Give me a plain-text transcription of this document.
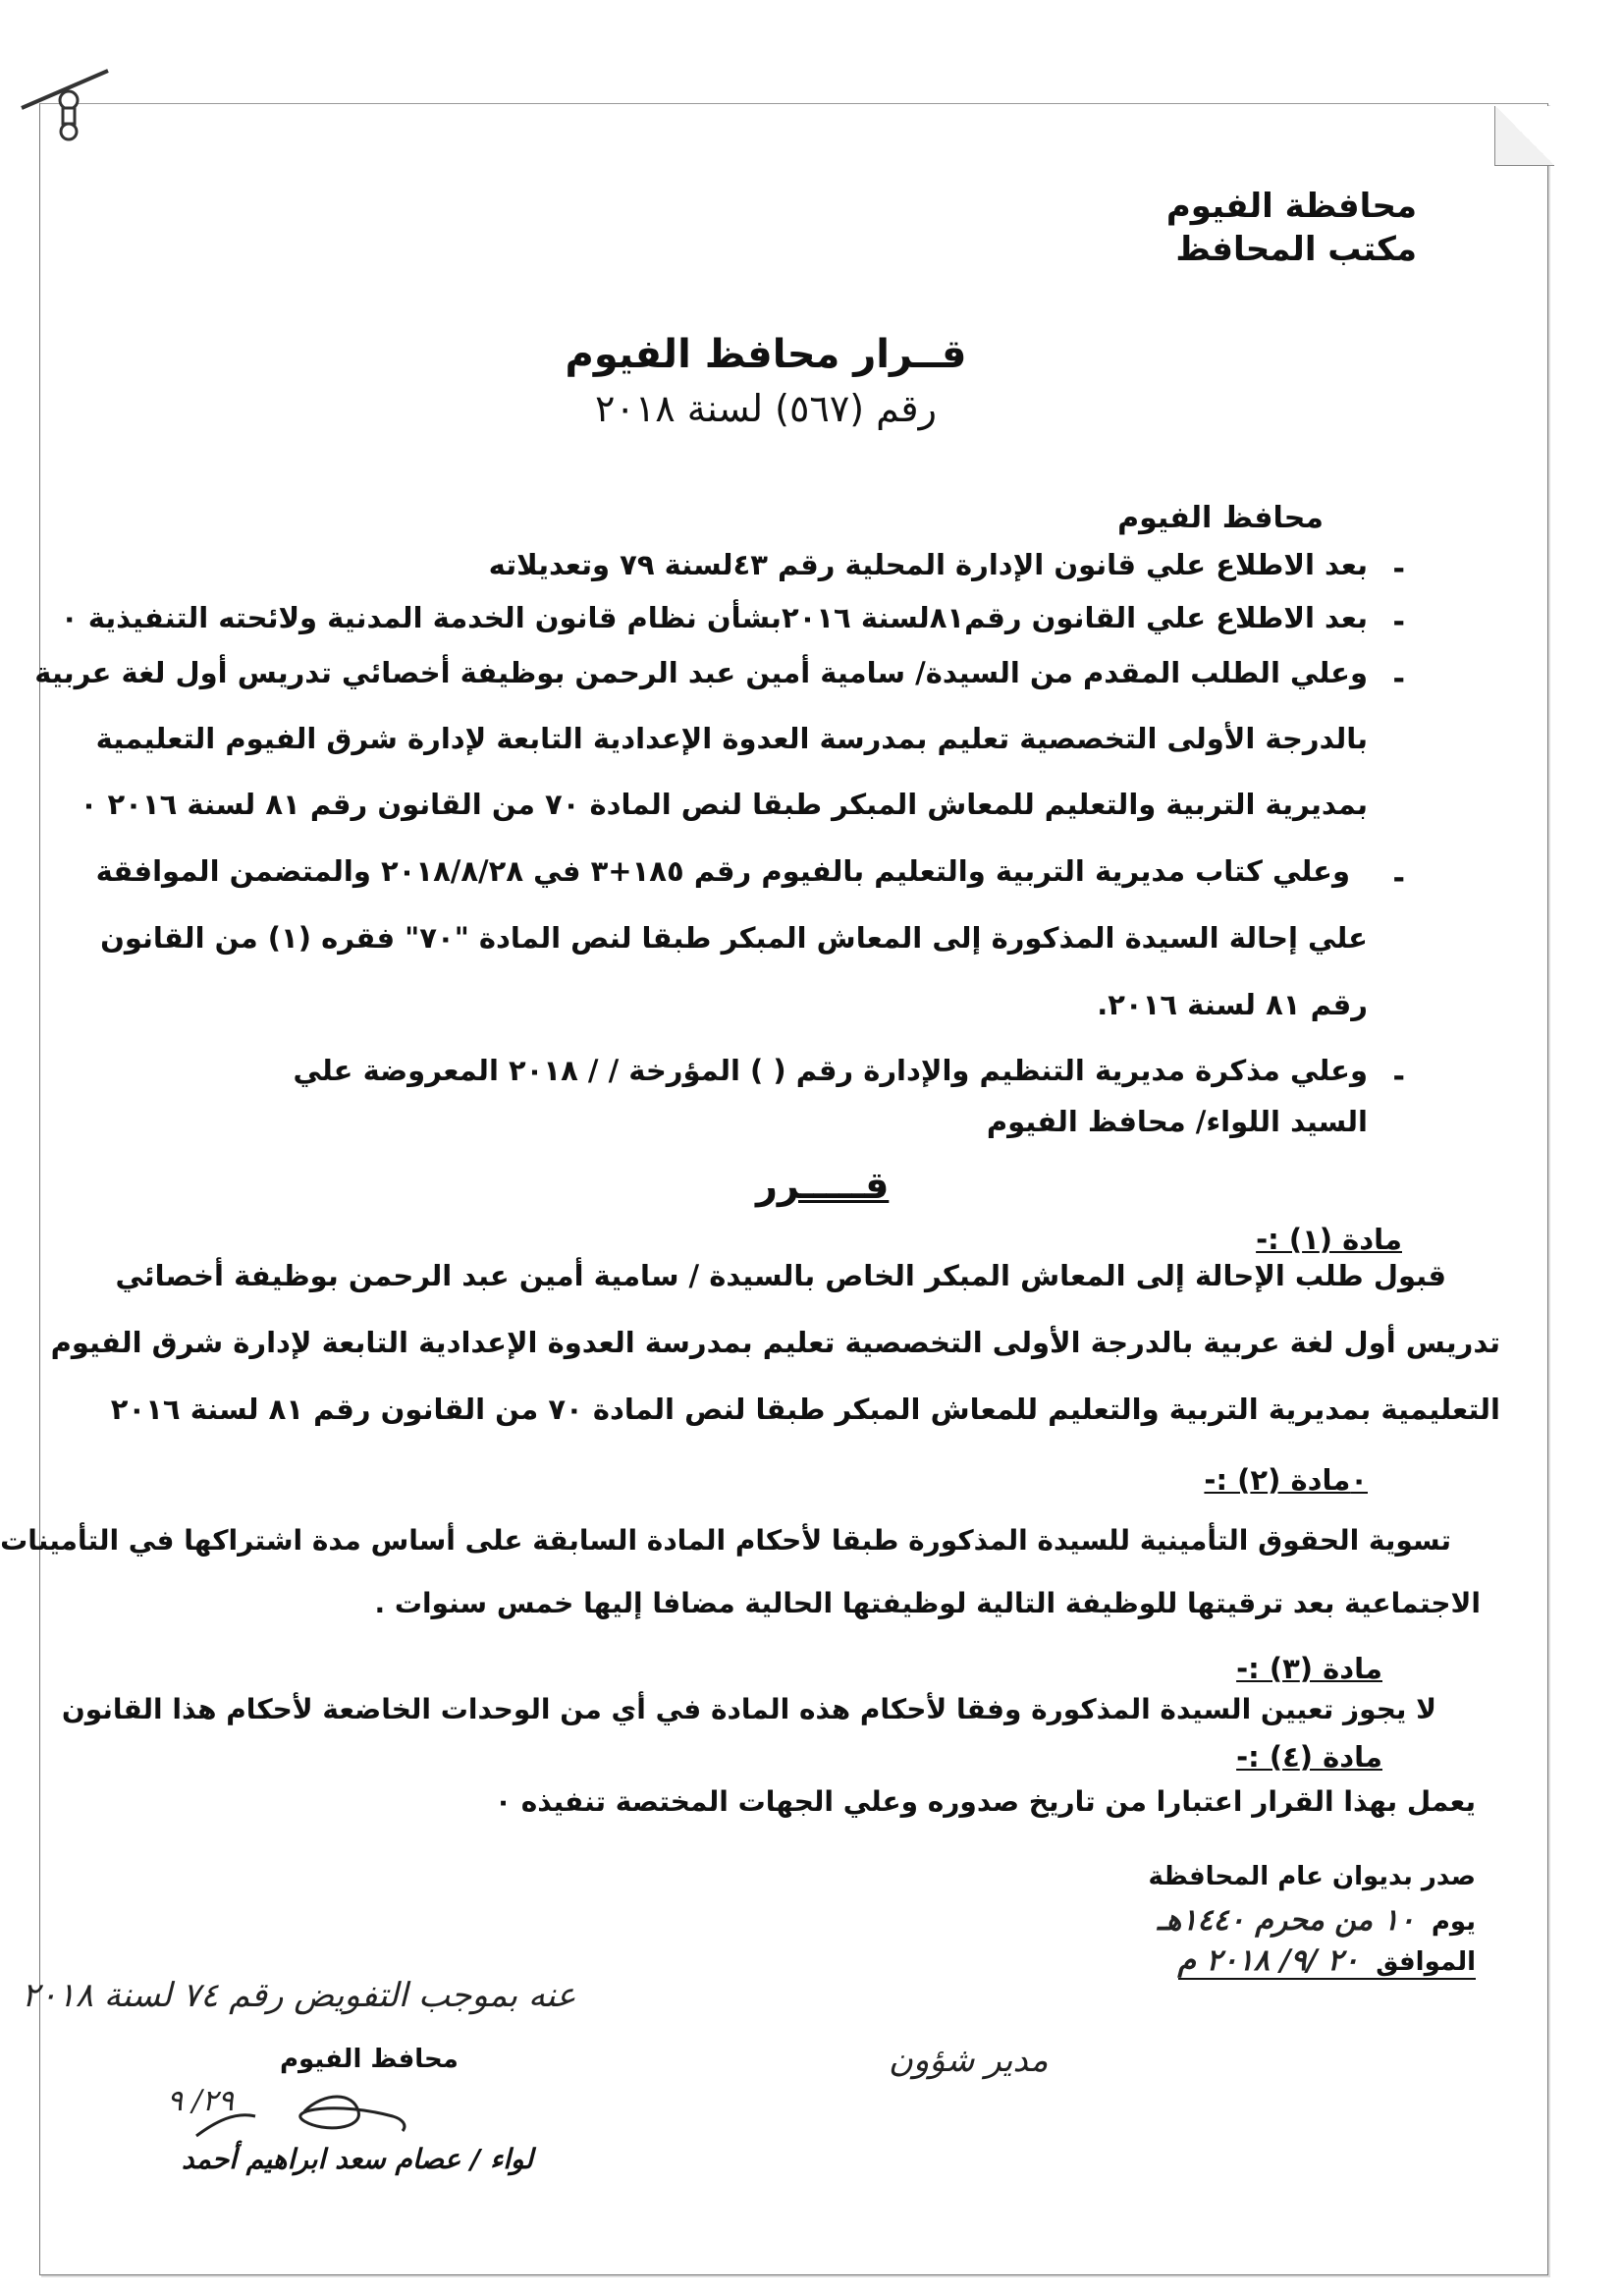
محافظة الفيوم
مكتب المحافظ
قــرار محافظ الفيوم
رقم (٥٦٧) لسنة ٢٠١٨
محافظ الفيوم
-
بعد الاطلاع علي قانون الإدارة المحلية رقم ٤٣لسنة ٧٩ وتعديلاته
-
بعد الاطلاع علي القانون رقم٨١لسنة ٢٠١٦بشأن نظام قانون الخدمة المدنية ولائحته التنفيذية ٠
-
وعلي الطلب المقدم من السيدة/ سامية أمين عبد الرحمن بوظيفة أخصائي تدريس أول لغة عربية
بالدرجة الأولى التخصصية تعليم بمدرسة العدوة الإعدادية التابعة لإدارة شرق الفيوم التعليمية
بمديرية التربية والتعليم للمعاش المبكر طبقا لنص المادة ٧٠ من القانون رقم ٨١ لسنة ٢٠١٦ ٠
-
وعلي كتاب مديرية التربية والتعليم بالفيوم رقم ١٨٥+٣ في ٢٠١٨/٨/٢٨ والمتضمن الموافقة
علي إحالة السيدة المذكورة إلى المعاش المبكر طبقا لنص المادة "٧٠" فقره (١) من القانون
رقم ٨١ لسنة ٢٠١٦.
-
وعلي مذكرة مديرية التنظيم والإدارة رقم ( ) المؤرخة / / ٢٠١٨ المعروضة علي
السيد اللواء/ محافظ الفيوم
قـــــرر
مادة (١) :-
قبول طلب الإحالة إلى المعاش المبكر الخاص بالسيدة / سامية أمين عبد الرحمن بوظيفة أخصائي
تدريس أول لغة عربية بالدرجة الأولى التخصصية تعليم بمدرسة العدوة الإعدادية التابعة لإدارة شرق الفيوم
التعليمية بمديرية التربية والتعليم للمعاش المبكر طبقا لنص المادة ٧٠ من القانون رقم ٨١ لسنة ٢٠١٦
٠مادة (٢) :-
تسوية الحقوق التأمينية للسيدة المذكورة طبقا لأحكام المادة السابقة على أساس مدة اشتراكها في التأمينات
الاجتماعية بعد ترقيتها للوظيفة التالية لوظيفتها الحالية مضافا إليها خمس سنوات .
مادة (٣) :-
لا يجوز تعيين السيدة المذكورة وفقا لأحكام هذه المادة في أي من الوحدات الخاضعة لأحكام هذا القانون
مادة (٤) :-
يعمل بهذا القرار اعتبارا من تاريخ صدوره وعلي الجهات المختصة تنفيذه ٠
صدر بديوان عام المحافظة
يوم ١٠ من محرم ١٤٤٠هـ
الموافق ٢٠ /٩/ ٢٠١٨ م
عنه بموجب التفويض رقم ٧٤ لسنة ٢٠١٨
محافظ الفيوم
٢٩/ ٩
لواء / عصام سعد ابراهيم أحمد
مدير شؤون
